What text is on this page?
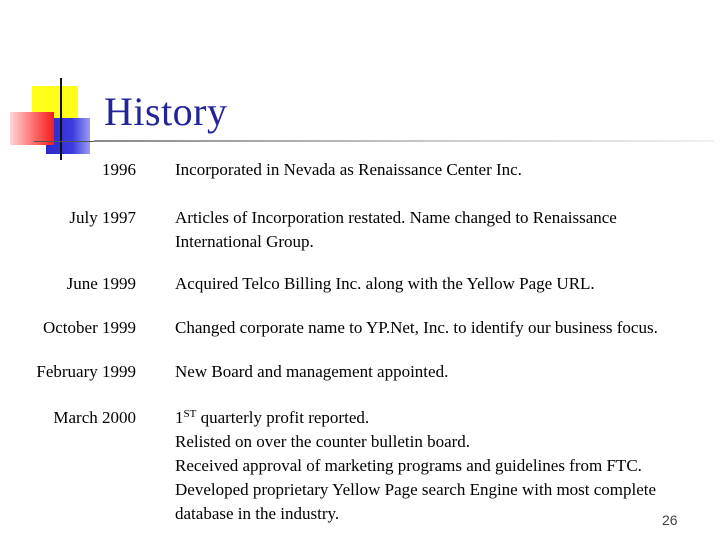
History
1996 Incorporated in Nevada as Renaissance Center Inc.

July 1997 Articles of Incorporation restated. Name changed to Renaissance International Group.

June 1999 Acquired Telco Billing Inc. along with the Yellow Page URL.

October 1999 Changed corporate name to YP.Net, Inc. to identify our business focus.

February 1999 New Board and management appointed.

March 2000 1ST quarterly profit reported.

Relisted on over the counter bulletin board.

Received approval of marketing programs and guidelines from FTC.

Developed proprietary Yellow Page search Engine with most complete database in the industry.	26
